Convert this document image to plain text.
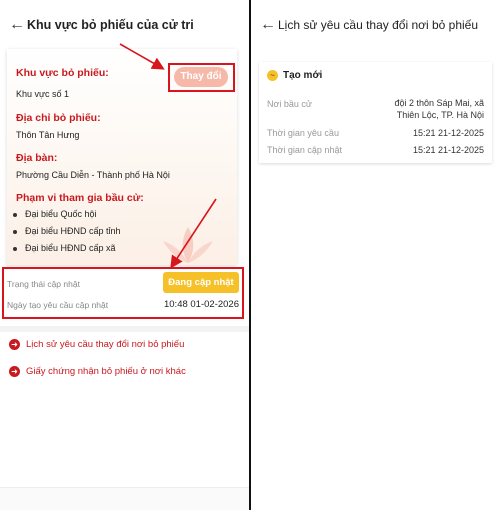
← Khu vực bỏ phiếu của cử tri
Khu vực bỏ phiếu:
Khu vực số 1
Thay đổi
Địa chỉ bỏ phiếu:
Thôn Tân Hưng
Địa bàn:
Phường Cầu Diễn - Thành phố Hà Nội
Phạm vi tham gia bầu cử:
Đại biểu Quốc hội
Đại biểu HĐND cấp tỉnh
Đại biểu HĐND cấp xã
Trạng thái cập nhật	Đang cập nhật
Ngày tạo yêu cầu cập nhật	10:48 01-02-2026
➜ Lịch sử yêu cầu thay đổi nơi bỏ phiếu
➜ Giấy chứng nhận bỏ phiếu ở nơi khác
← Lịch sử yêu cầu thay đổi nơi bỏ phiếu
~ Tạo mới
Nơi bầu cử	đội 2 thôn Sáp Mai, xã
Thiên Lộc, TP. Hà Nội
Thời gian yêu cầu	15:21 21-12-2025
Thời gian cập nhật	15:21 21-12-2025
